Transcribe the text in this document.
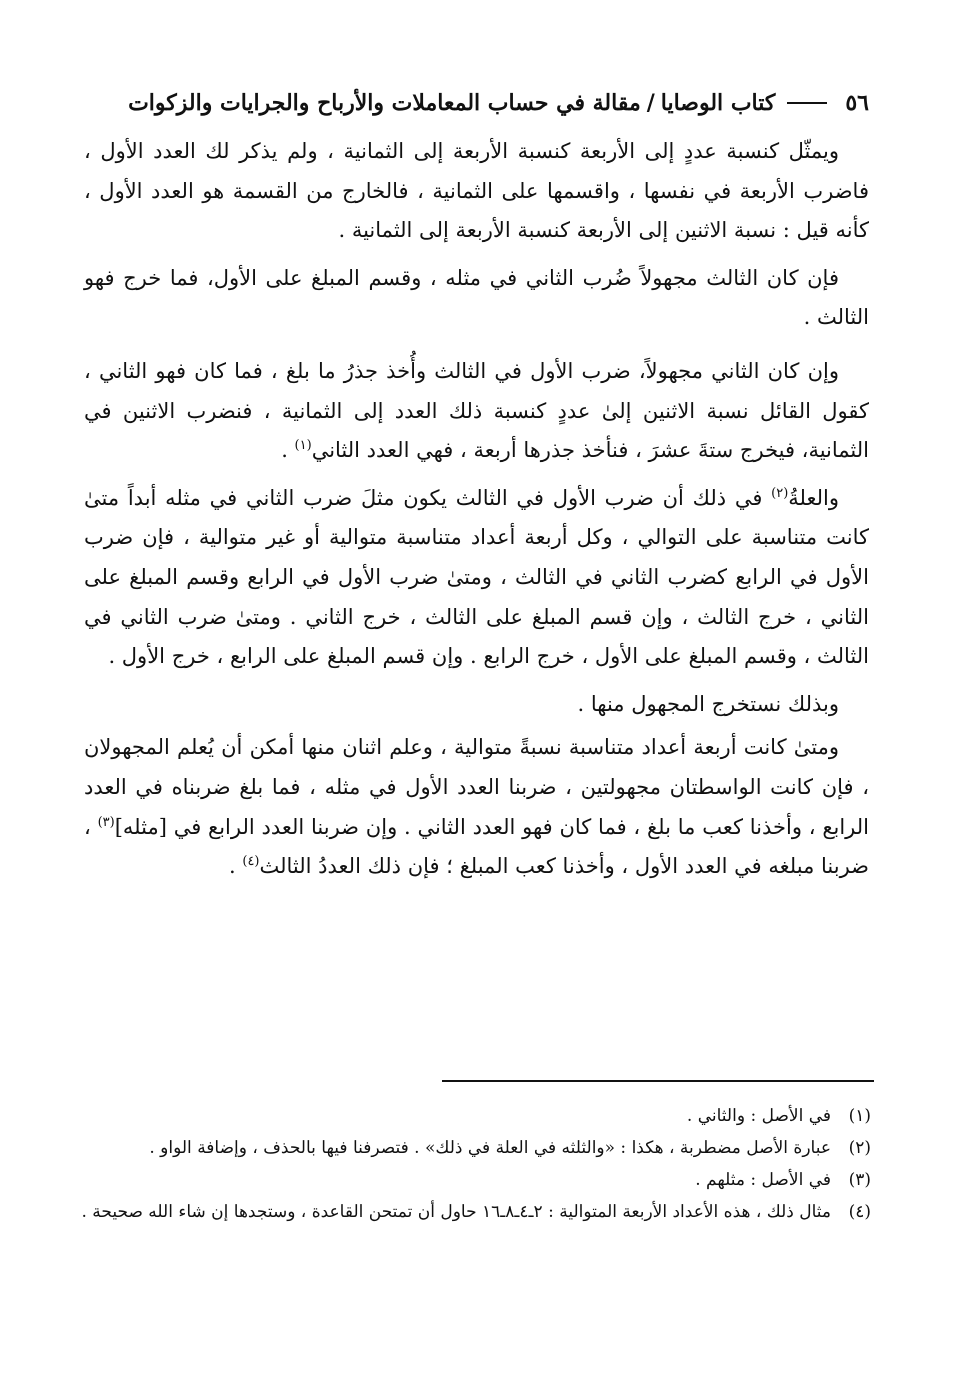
٥٦
كتاب الوصايا
/
مقالة في حساب المعاملات والأرباح والجرايات والزكوات

ويمثّل كنسبة عددٍ إلى الأربعة كنسبة الأربعة إلى الثمانية ، ولم يذكر لك العدد الأول ، فاضرب الأربعة في نفسها ، واقسمها على الثمانية ، فالخارج من القسمة هو العدد الأول ، كأنه قيل : نسبة الاثنين إلى الأربعة كنسبة الأربعة إلى الثمانية .

فإن كان الثالث مجهولاً ضُرب الثاني في مثله ، وقسم المبلغ على الأول، فما خرج فهو الثالث .

وإن كان الثاني مجهولاً، ضرب الأول في الثالث وأُخذ جذرُ ما بلغ ، فما كان فهو الثاني ، كقول القائل نسبة الاثنين إلىٰ عددٍ كنسبة ذلك العدد إلى الثمانية ، فنضرب الاثنين في الثمانية، فيخرج ستةَ عشرَ ، فنأخذ جذرها أربعة ، فهي العدد الثاني$^{(١)}$ .

والعلةُ$^{(٢)}$ في ذلك أن ضرب الأول في الثالث يكون مثلَ ضرب الثاني في مثله أبداً متىٰ كانت متناسبة على التوالي ، وكل أربعة أعداد متناسبة متوالية أو غير متوالية ، فإن ضرب الأول في الرابع كضرب الثاني في الثالث ، ومتىٰ ضرب الأول في الرابع وقسم المبلغ على الثاني ، خرج الثالث ، وإن قسم المبلغ على الثالث ، خرج الثاني . ومتىٰ ضرب الثاني في الثالث ، وقسم المبلغ على الأول ، خرج الرابع . وإن قسم المبلغ على الرابع ، خرج الأول .

وبذلك نستخرج المجهول منها .

ومتىٰ كانت أربعة أعداد متناسبة نسبةً متوالية ، وعلم اثنان منها أمكن أن يُعلم المجهولان ، فإن كانت الواسطتان مجهولتين ، ضربنا العدد الأول في مثله ، فما بلغ ضربناه في العدد الرابع ، وأخذنا كعب ما بلغ ، فما كان فهو العدد الثاني . وإن ضربنا العدد الرابع في [مثله]$^{(٣)}$ ، ضربنا مبلغه في العدد الأول ، وأخذنا كعب المبلغ ؛ فإن ذلك العددُ الثالث$^{(٤)}$ .

(١)
في الأصل : والثاني .
(٢)
عبارة الأصل مضطربة ، هكذا : «والثلثه في العلة في ذلك» . فتصرفنا فيها بالحذف ، وإضافة الواو .
(٣)
في الأصل : مثلهم .
(٤)
مثال ذلك ، هذه الأعداد الأربعة المتوالية : ٢ـ٤ـ٨ـ١٦ حاول أن تمتحن القاعدة ، وستجدها إن شاء الله صحيحة .
